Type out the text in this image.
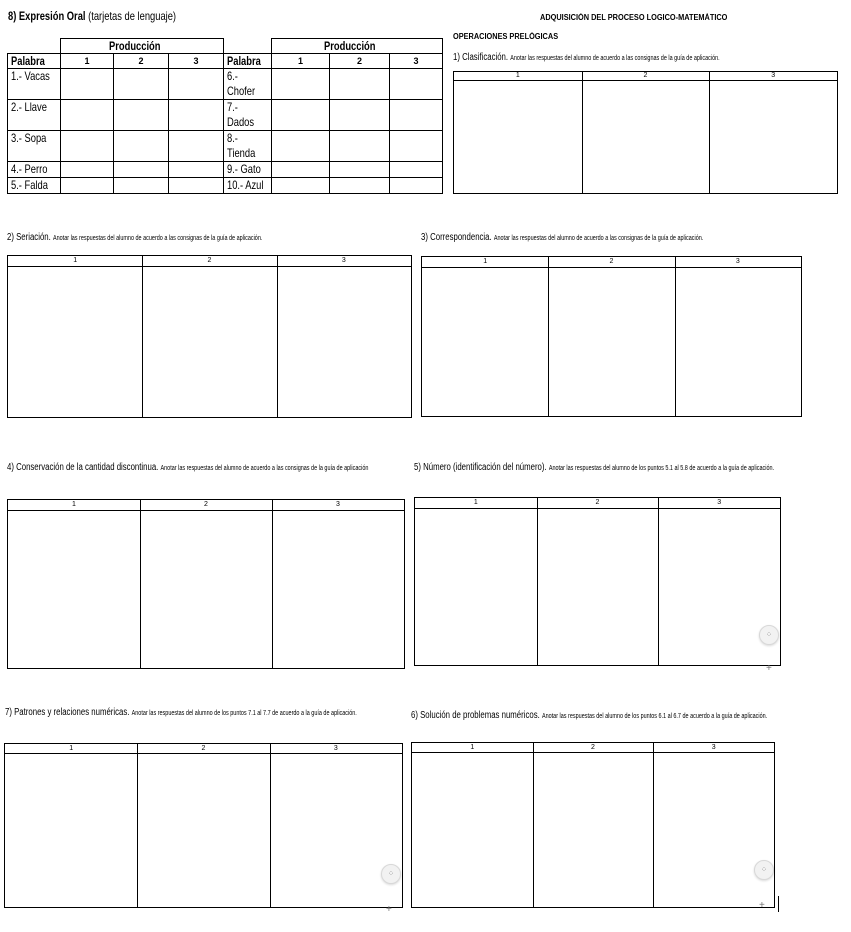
8) Expresión Oral (tarjetas de lenguaje)
	Producción				Producción		
Palabra	1	2	3	Palabra	1	2	3
1.- Vacas				6.-
Chofer			
2.- Llave				7.-
Dados			
3.- Sopa				8.-
Tienda			
4.- Perro				9.- Gato			
5.- Falda				10.- Azul			
ADQUISICIÓN DEL PROCESO LOGICO-MATEMÁTICO
OPERACIONES PRELÓGICAS
1) Clasificación. Anotar las respuestas del alumno de acuerdo a las consignas de la guía de aplicación.
2) Seriación. Anotar las respuestas del alumno de acuerdo a las consignas de la guía de aplicación.	3) Correspondencia. Anotar las respuestas del alumno de acuerdo a las consignas de la guía de aplicación.
4) Conservación de la cantidad discontinua. Anotar las respuestas del alumno de acuerdo a las consignas de la guía de aplicación	5) Número (identificación del número). Anotar las respuestas del alumno de los puntos 5.1 al 5.8 de acuerdo a la guía de aplicación.
7) Patrones y relaciones numéricas. Anotar las respuestas del alumno de los puntos 7.1 al 7.7 de acuerdo a la guía de aplicación.	6) Solución de problemas numéricos. Anotar las respuestas del alumno de los puntos 6.1 al 6.7 de acuerdo a la guía de aplicación.
1	2	3
1	2	3	1	2	3
1	2	3	1	2	3
1	2	3	1	2	3
⁘
+
⁘
+
⁘
+
